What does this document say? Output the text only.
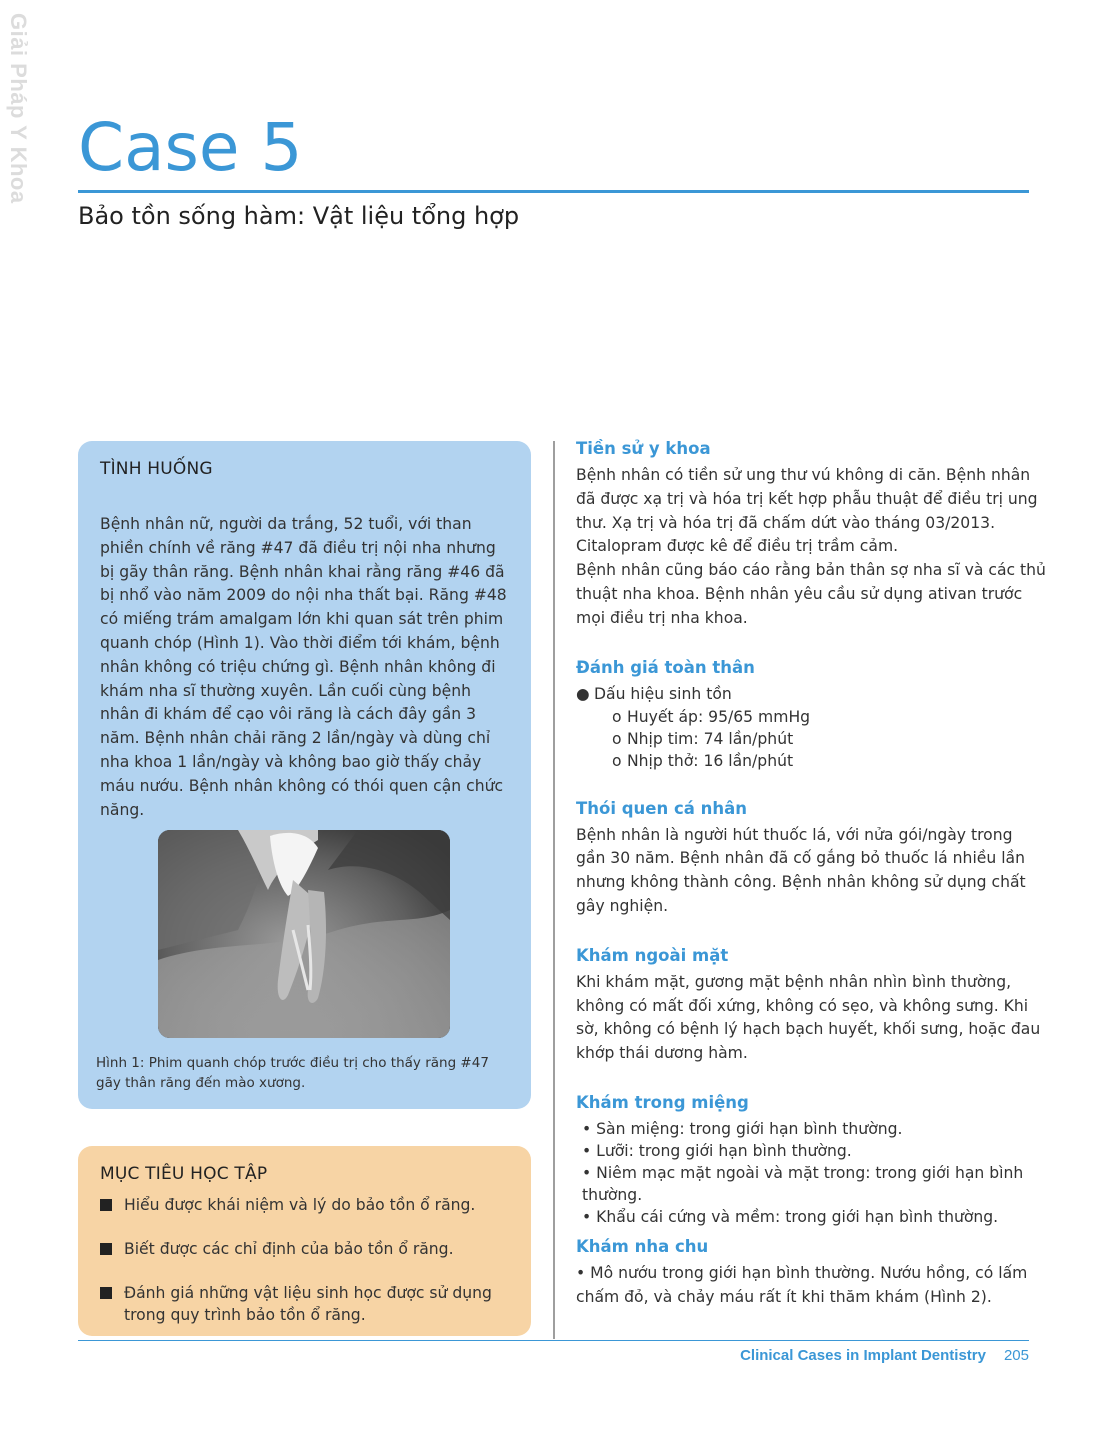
Giải Pháp Y Khoa Case 5
Bảo tồn sống hàm: Vật liệu tổng hợp
TÌNH HUỐNG
Bệnh nhân nữ, người da trắng, 52 tuổi, với than phiền chính về răng #47 đã điều trị nội nha nhưng bị gãy thân răng. Bệnh nhân khai rằng răng #46 đã bị nhổ vào năm 2009 do nội nha thất bại. Răng #48 có miếng trám amalgam lớn khi quan sát trên phim quanh chóp (Hình 1). Vào thời điểm tới khám, bệnh nhân không có triệu chứng gì. Bệnh nhân không đi khám nha sĩ thường xuyên. Lần cuối cùng bệnh nhân đi khám để cạo vôi răng là cách đây gần 3 năm. Bệnh nhân chải răng 2 lần/ngày và dùng chỉ nha khoa 1 lần/ngày và không bao giờ thấy chảy máu nướu. Bệnh nhân không có thói quen cận chức năng.
Hình 1: Phim quanh chóp trước điều trị cho thấy răng #47 gãy thân răng đến mào xương.
MỤC TIÊU HỌC TẬP
Hiểu được khái niệm và lý do bảo tồn ổ răng.
Biết được các chỉ định của bảo tồn ổ răng.
Đánh giá những vật liệu sinh học được sử dụng trong quy trình bảo tồn ổ răng.
Tiền sử y khoa

Bệnh nhân có tiền sử ung thư vú không di căn. Bệnh nhân đã được xạ trị và hóa trị kết hợp phẫu thuật để điều trị ung thư. Xạ trị và hóa trị đã chấm dứt vào tháng 03/2013. Citalopram được kê để điều trị trầm cảm.

Bệnh nhân cũng báo cáo rằng bản thân sợ nha sĩ và các thủ thuật nha khoa. Bệnh nhân yêu cầu sử dụng ativan trước mọi điều trị nha khoa.

Đánh giá toàn thân
● Dấu hiệu sinh tồn
o Huyết áp: 95/65 mmHg
o Nhịp tim: 74 lần/phút
o Nhịp thở: 16 lần/phút
Thói quen cá nhân

Bệnh nhân là người hút thuốc lá, với nửa gói/ngày trong gần 30 năm. Bệnh nhân đã cố gắng bỏ thuốc lá nhiều lần nhưng không thành công. Bệnh nhân không sử dụng chất gây nghiện.

Khám ngoài mặt

Khi khám mặt, gương mặt bệnh nhân nhìn bình thường, không có mất đối xứng, không có sẹo, và không sưng. Khi sờ, không có bệnh lý hạch bạch huyết, khối sưng, hoặc đau khớp thái dương hàm.

Khám trong miệng
• Sàn miệng: trong giới hạn bình thường.
• Lưỡi: trong giới hạn bình thường.
• Niêm mạc mặt ngoài và mặt trong: trong giới hạn bình thường.
• Khẩu cái cứng và mềm: trong giới hạn bình thường.
Khám nha chu

• Mô nướu trong giới hạn bình thường. Nướu hồng, có lấm chấm đỏ, và chảy máu rất ít khi thăm khám (Hình 2).

Clinical Cases in Implant Dentistry 205
